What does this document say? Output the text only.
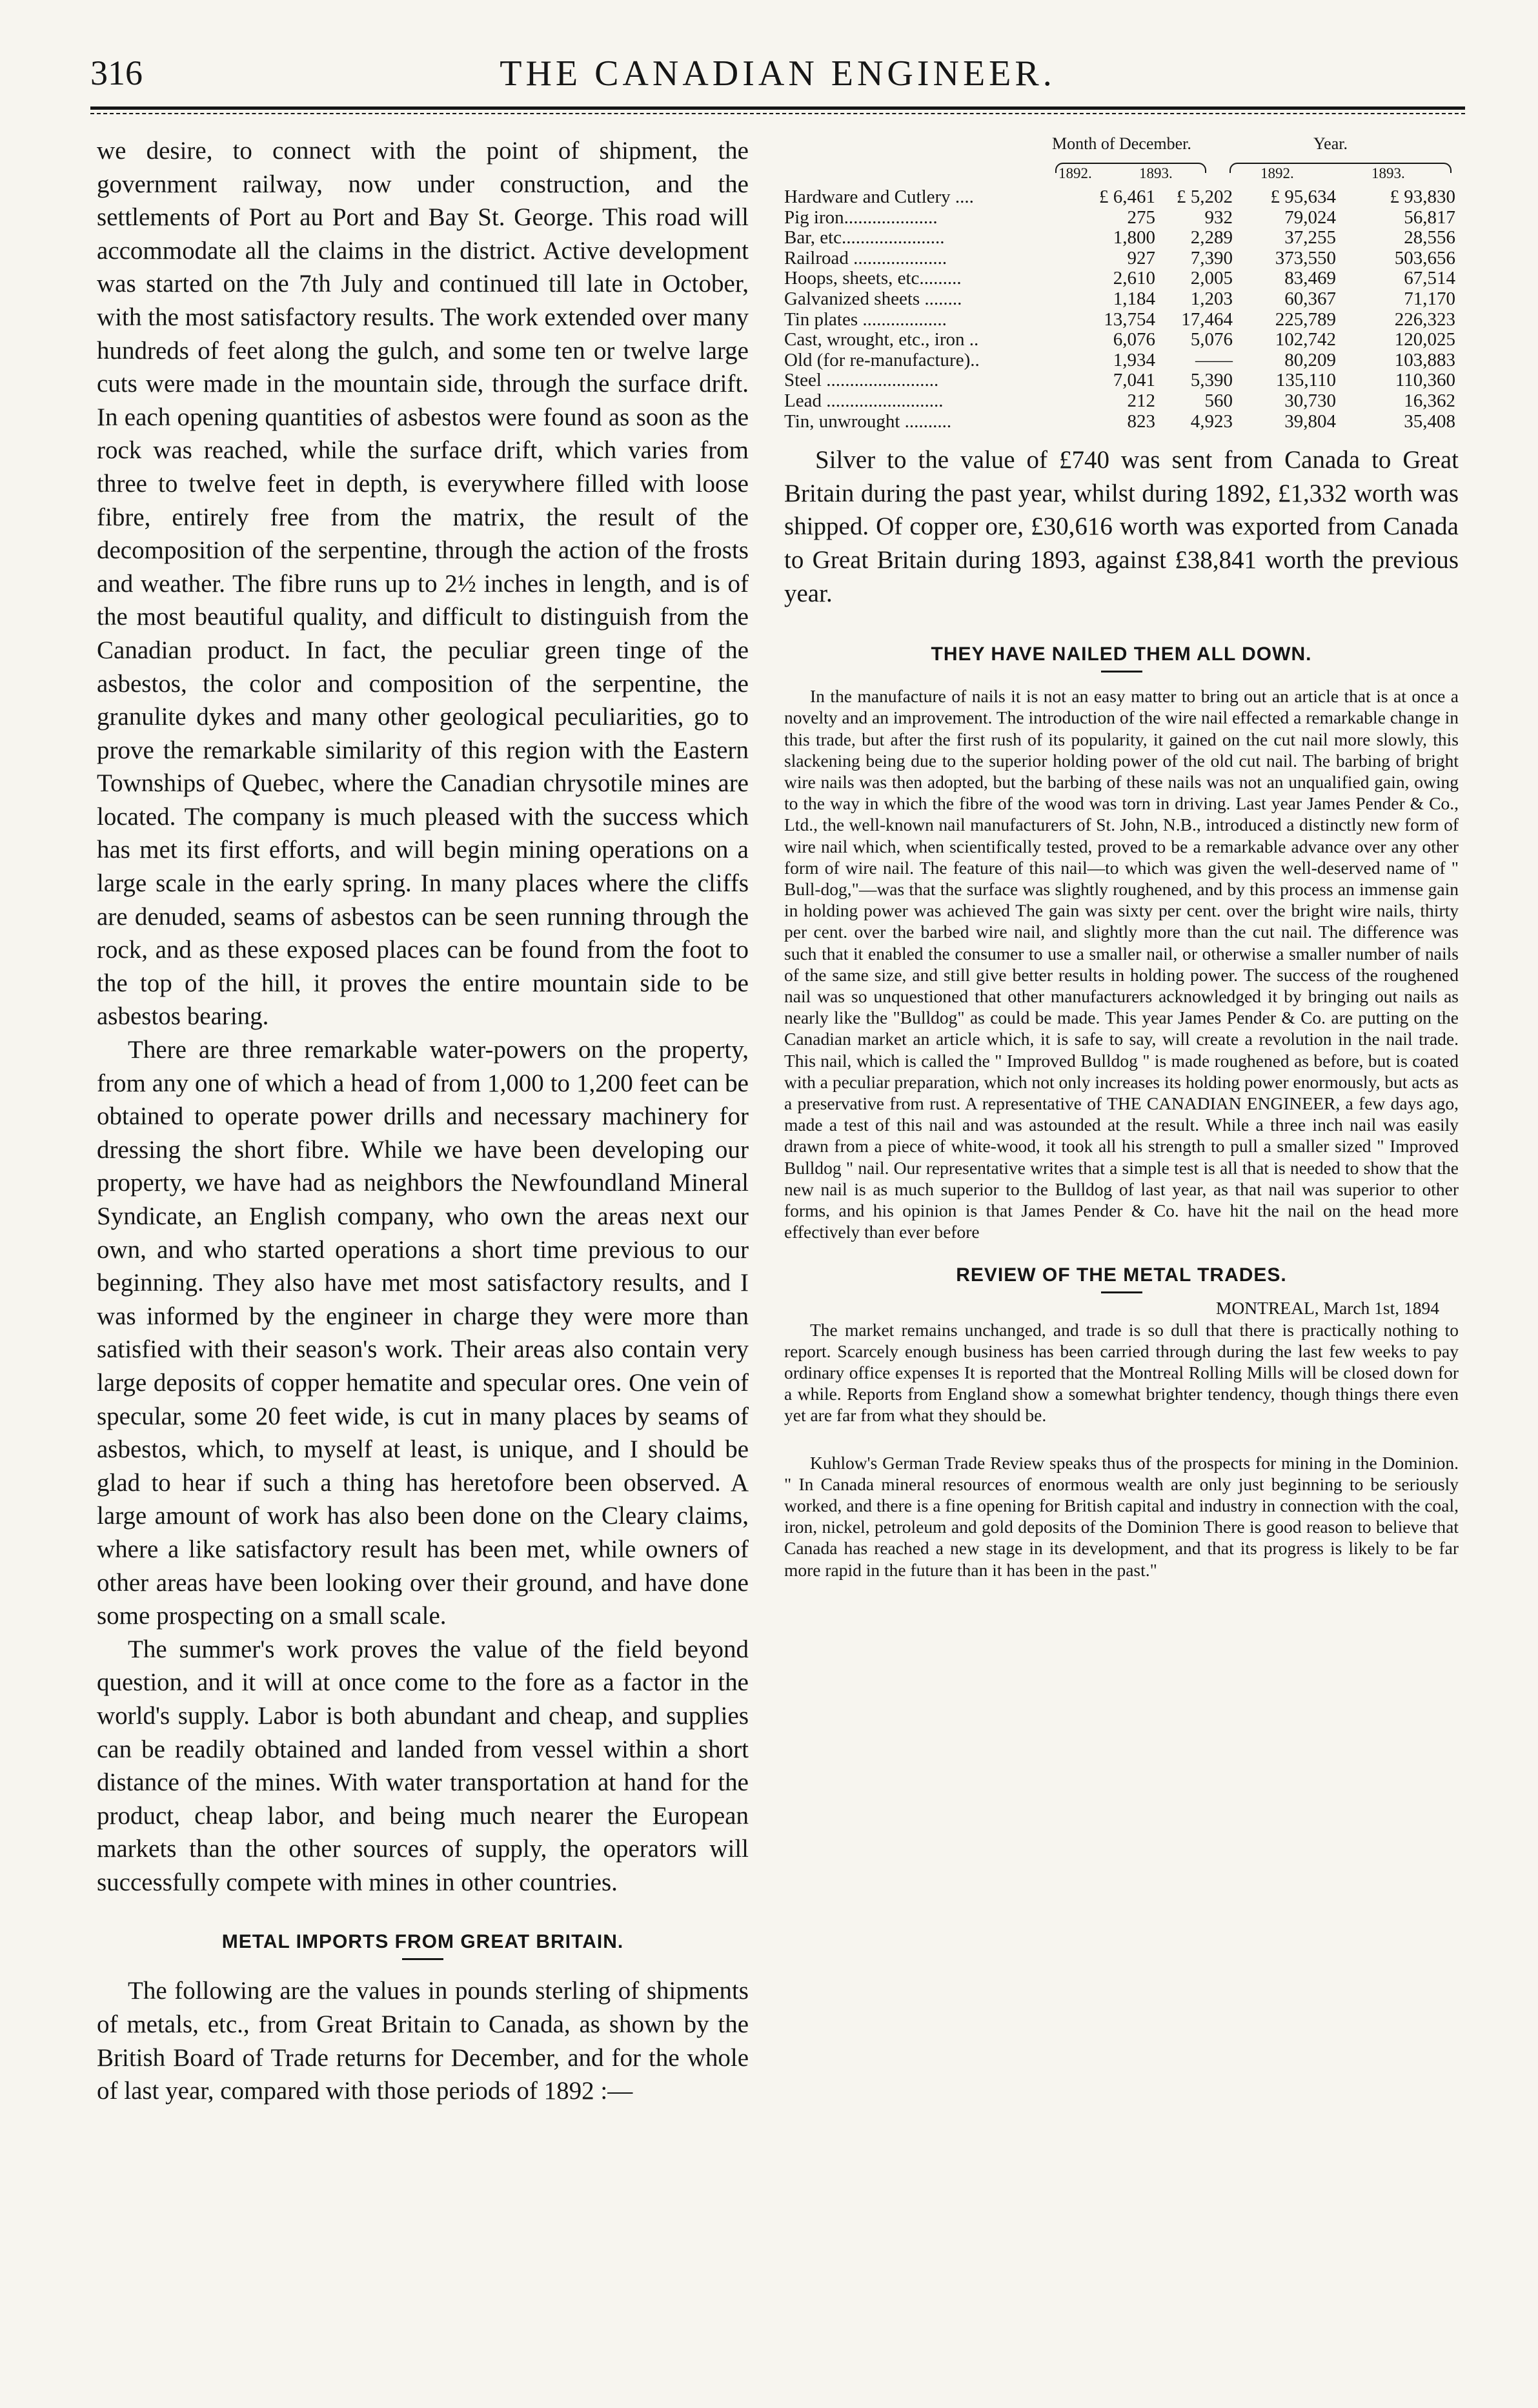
316	THE CANADIAN ENGINEER.

we desire, to connect with the point of shipment, the government railway, now under construction, and the settlements of Port au Port and Bay St. George. This road will accommodate all the claims in the district. Active development was started on the 7th July and continued till late in October, with the most satisfactory results. The work extended over many hundreds of feet along the gulch, and some ten or twelve large cuts were made in the mountain side, through the surface drift. In each opening quantities of asbestos were found as soon as the rock was reached, while the surface drift, which varies from three to twelve feet in depth, is everywhere filled with loose fibre, entirely free from the matrix, the result of the decomposition of the serpentine, through the action of the frosts and weather. The fibre runs up to 2½ inches in length, and is of the most beautiful quality, and difficult to distinguish from the Canadian product. In fact, the peculiar green tinge of the asbestos, the color and composition of the serpentine, the granulite dykes and many other geological peculiarities, go to prove the remarkable similarity of this region with the Eastern Townships of Quebec, where the Canadian chrysotile mines are located. The company is much pleased with the success which has met its first efforts, and will begin mining operations on a large scale in the early spring. In many places where the cliffs are denuded, seams of asbestos can be seen running through the rock, and as these exposed places can be found from the foot to the top of the hill, it proves the entire mountain side to be asbestos bearing.

There are three remarkable water-powers on the property, from any one of which a head of from 1,000 to 1,200 feet can be obtained to operate power drills and necessary machinery for dressing the short fibre. While we have been developing our property, we have had as neighbors the Newfoundland Mineral Syndicate, an English company, who own the areas next our own, and who started operations a short time previous to our beginning. They also have met most satisfactory results, and I was informed by the engineer in charge they were more than satisfied with their season's work. Their areas also contain very large deposits of copper hematite and specular ores. One vein of specular, some 20 feet wide, is cut in many places by seams of asbestos, which, to myself at least, is unique, and I should be glad to hear if such a thing has heretofore been observed. A large amount of work has also been done on the Cleary claims, where a like satisfactory result has been met, while owners of other areas have been looking over their ground, and have done some prospecting on a small scale.

The summer's work proves the value of the field beyond question, and it will at once come to the fore as a factor in the world's supply. Labor is both abundant and cheap, and supplies can be readily obtained and landed from vessel within a short distance of the mines. With water transportation at hand for the product, cheap labor, and being much nearer the European markets than the other sources of supply, the operators will successfully compete with mines in other countries.

METAL IMPORTS FROM GREAT BRITAIN.

The following are the values in pounds sterling of shipments of metals, etc., from Great Britain to Canada, as shown by the British Board of Trade returns for December, and for the whole of last year, compared with those periods of 1892 :—

Month of December.	Year.
1892.	1893.	1892.	1893.
Hardware and Cutlery ....	£ 6,461 £ 5,202 £ 95,634	£ 93,830
Pig iron....................	275	932	79,024	56,817
Bar, etc......................	1,800 2,289	37,255	28,556
Railroad ....................	927 7,390 373,550	503,656
Hoops, sheets, etc.........	2,610 2,005	83,469	67,514
Galvanized sheets ........	1,184 1,203	60,367	71,170
Tin plates ..................	13,754 17,464 225,789	226,323
Cast, wrought, etc., iron ..	6,076 5,076 102,742	120,025
Old (for re-manufacture)..	1,934 ——	80,209	103,883
Steel ........................	7,041 5,390 135,110	110,360
Lead .........................	212	560	30,730	16,362
Tin, unwrought ..........	823 4,923	39,804	35,408

Silver to the value of £740 was sent from Canada to Great Britain during the past year, whilst during 1892, £1,332 worth was shipped. Of copper ore, £30,616 worth was exported from Canada to Great Britain during 1893, against £38,841 worth the previous year.

THEY HAVE NAILED THEM ALL DOWN.

In the manufacture of nails it is not an easy matter to bring out an article that is at once a novelty and an improvement. The introduction of the wire nail effected a remarkable change in this trade, but after the first rush of its popularity, it gained on the cut nail more slowly, this slackening being due to the superior holding power of the old cut nail. The barbing of bright wire nails was then adopted, but the barbing of these nails was not an unqualified gain, owing to the way in which the fibre of the wood was torn in driving. Last year James Pender & Co., Ltd., the well-known nail manufacturers of St. John, N.B., introduced a distinctly new form of wire nail which, when scientifically tested, proved to be a remarkable advance over any other form of wire nail. The feature of this nail—to which was given the well-deserved name of " Bull-dog,"—was that the surface was slightly roughened, and by this process an immense gain in holding power was achieved The gain was sixty per cent. over the bright wire nails, thirty per cent. over the barbed wire nail, and slightly more than the cut nail. The difference was such that it enabled the consumer to use a smaller nail, or otherwise a smaller number of nails of the same size, and still give better results in holding power. The success of the roughened nail was so unquestioned that other manufacturers acknowledged it by bringing out nails as nearly like the "Bulldog" as could be made. This year James Pender & Co. are putting on the Canadian market an article which, it is safe to say, will create a revolution in the nail trade. This nail, which is called the " Improved Bulldog " is made roughened as before, but is coated with a peculiar preparation, which not only increases its holding power enormously, but acts as a preservative from rust. A representative of THE CANADIAN ENGINEER, a few days ago, made a test of this nail and was astounded at the result. While a three inch nail was easily drawn from a piece of white-wood, it took all his strength to pull a smaller sized " Improved Bulldog " nail. Our representative writes that a simple test is all that is needed to show that the new nail is as much superior to the Bulldog of last year, as that nail was superior to other forms, and his opinion is that James Pender & Co. have hit the nail on the head more effectively than ever before

REVIEW OF THE METAL TRADES.

MONTREAL, March 1st, 1894

The market remains unchanged, and trade is so dull that there is practically nothing to report. Scarcely enough business has been carried through during the last few weeks to pay ordinary office expenses It is reported that the Montreal Rolling Mills will be closed down for a while. Reports from England show a somewhat brighter tendency, though things there even yet are far from what they should be.

Kuhlow's German Trade Review speaks thus of the prospects for mining in the Dominion. " In Canada mineral resources of enormous wealth are only just beginning to be seriously worked, and there is a fine opening for British capital and industry in connection with the coal, iron, nickel, petroleum and gold deposits of the Dominion There is good reason to believe that Canada has reached a new stage in its development, and that its progress is likely to be far more rapid in the future than it has been in the past."
